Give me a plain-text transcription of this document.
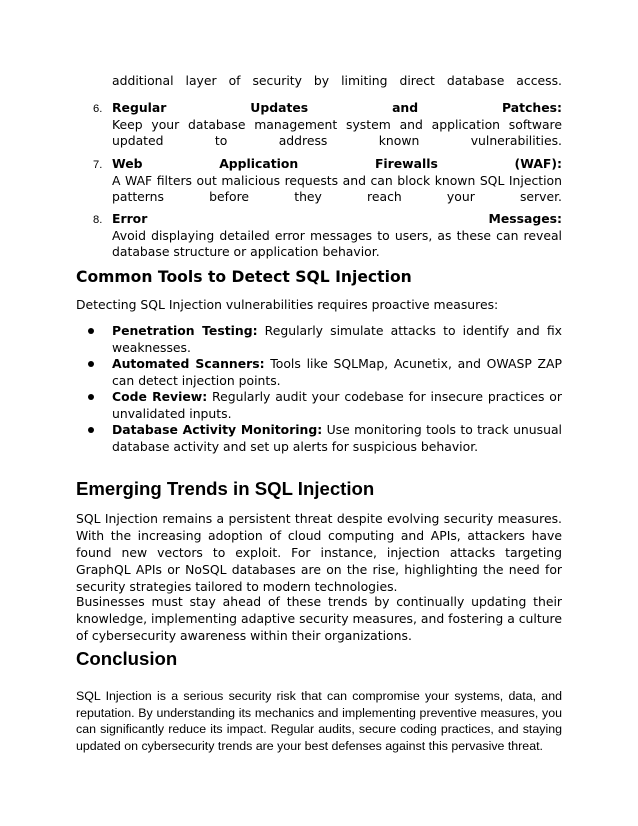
additional layer of security by limiting direct database access.
6. Regular Updates and Patches:
Keep your database management system and application software updated to address known vulnerabilities.
7. Web Application Firewalls (WAF):
A WAF filters out malicious requests and can block known SQL Injection patterns before they reach your server.
8. Error Messages:
Avoid displaying detailed error messages to users, as these can reveal database structure or application behavior.
Common Tools to Detect SQL Injection
Detecting SQL Injection vulnerabilities requires proactive measures:
Penetration Testing: Regularly simulate attacks to identify and fix weaknesses.
Automated Scanners: Tools like SQLMap, Acunetix, and OWASP ZAP can detect injection points.
Code Review: Regularly audit your codebase for insecure practices or unvalidated inputs.
Database Activity Monitoring: Use monitoring tools to track unusual database activity and set up alerts for suspicious behavior.
Emerging Trends in SQL Injection
SQL Injection remains a persistent threat despite evolving security measures. With the increasing adoption of cloud computing and APIs, attackers have found new vectors to exploit. For instance, injection attacks targeting GraphQL APIs or NoSQL databases are on the rise, highlighting the need for security strategies tailored to modern technologies.
Businesses must stay ahead of these trends by continually updating their knowledge, implementing adaptive security measures, and fostering a culture of cybersecurity awareness within their organizations.
Conclusion
SQL Injection is a serious security risk that can compromise your systems, data, and reputation. By understanding its mechanics and implementing preventive measures, you can significantly reduce its impact. Regular audits, secure coding practices, and staying updated on cybersecurity trends are your best defenses against this pervasive threat.
